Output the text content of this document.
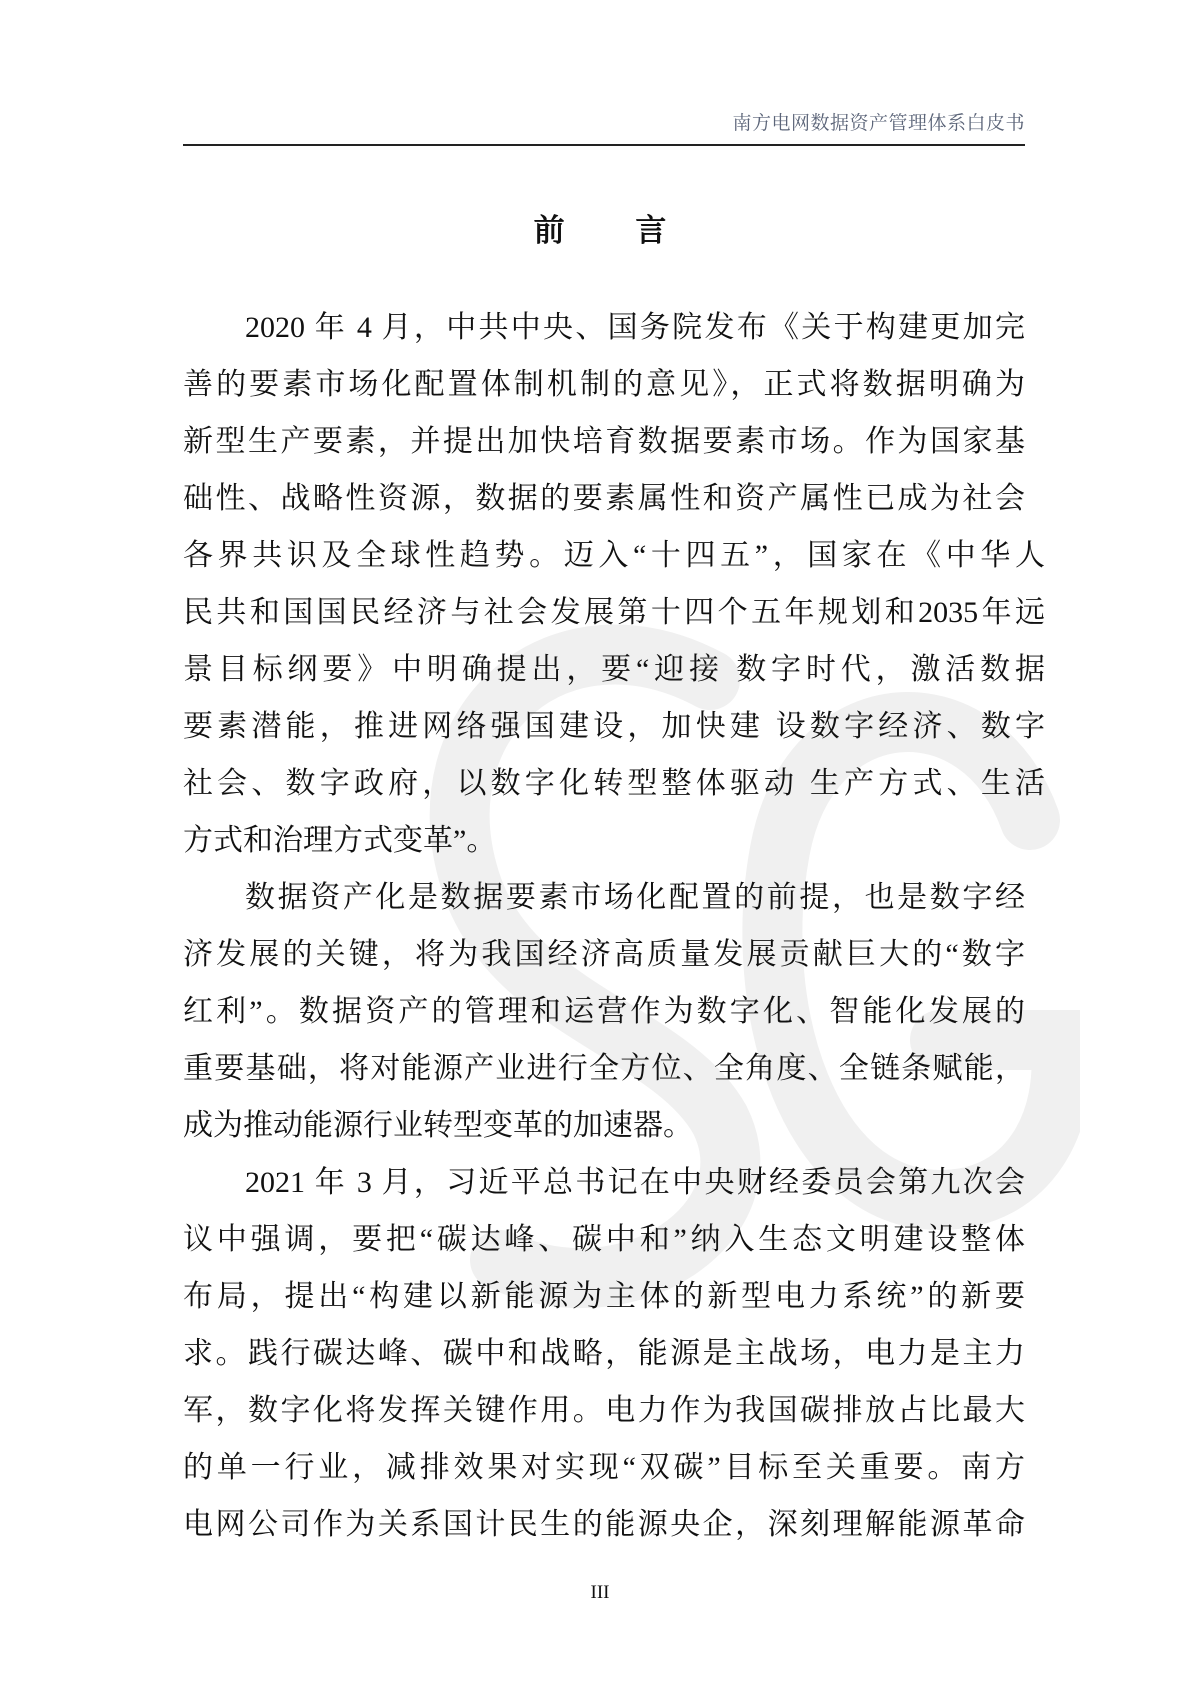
南方电网数据资产管理体系白皮书
前 言
2020 年 4 月，中共中央、国务院发布《关于构建更加完
善的要素市场化配置体制机制的意见》，正式将数据明确为
新型生产要素，并提出加快培育数据要素市场。作为国家基
础性、战略性资源，数据的要素属性和资产属性已成为社会
各界共识及全球性趋势。迈入“十四五”，国家在《中华人
民共和国国民经济与社会发展第十四个五年规划和2035年远
景目标纲要》中明确提出，要“迎接 数字时代，激活数据
要素潜能，推进网络强国建设，加快建 设数字经济、数字
社会、数字政府，以数字化转型整体驱动 生产方式、生活
方式和治理方式变革”。
数据资产化是数据要素市场化配置的前提，也是数字经
济发展的关键，将为我国经济高质量发展贡献巨大的“数字
红利”。数据资产的管理和运营作为数字化、智能化发展的
重要基础，将对能源产业进行全方位、全角度、全链条赋能，
成为推动能源行业转型变革的加速器。
2021 年 3 月，习近平总书记在中央财经委员会第九次会
议中强调，要把“碳达峰、碳中和”纳入生态文明建设整体
布局，提出“构建以新能源为主体的新型电力系统”的新要
求。践行碳达峰、碳中和战略，能源是主战场，电力是主力
军，数字化将发挥关键作用。电力作为我国碳排放占比最大
的单一行业，减排效果对实现“双碳”目标至关重要。南方
电网公司作为关系国计民生的能源央企，深刻理解能源革命
III
